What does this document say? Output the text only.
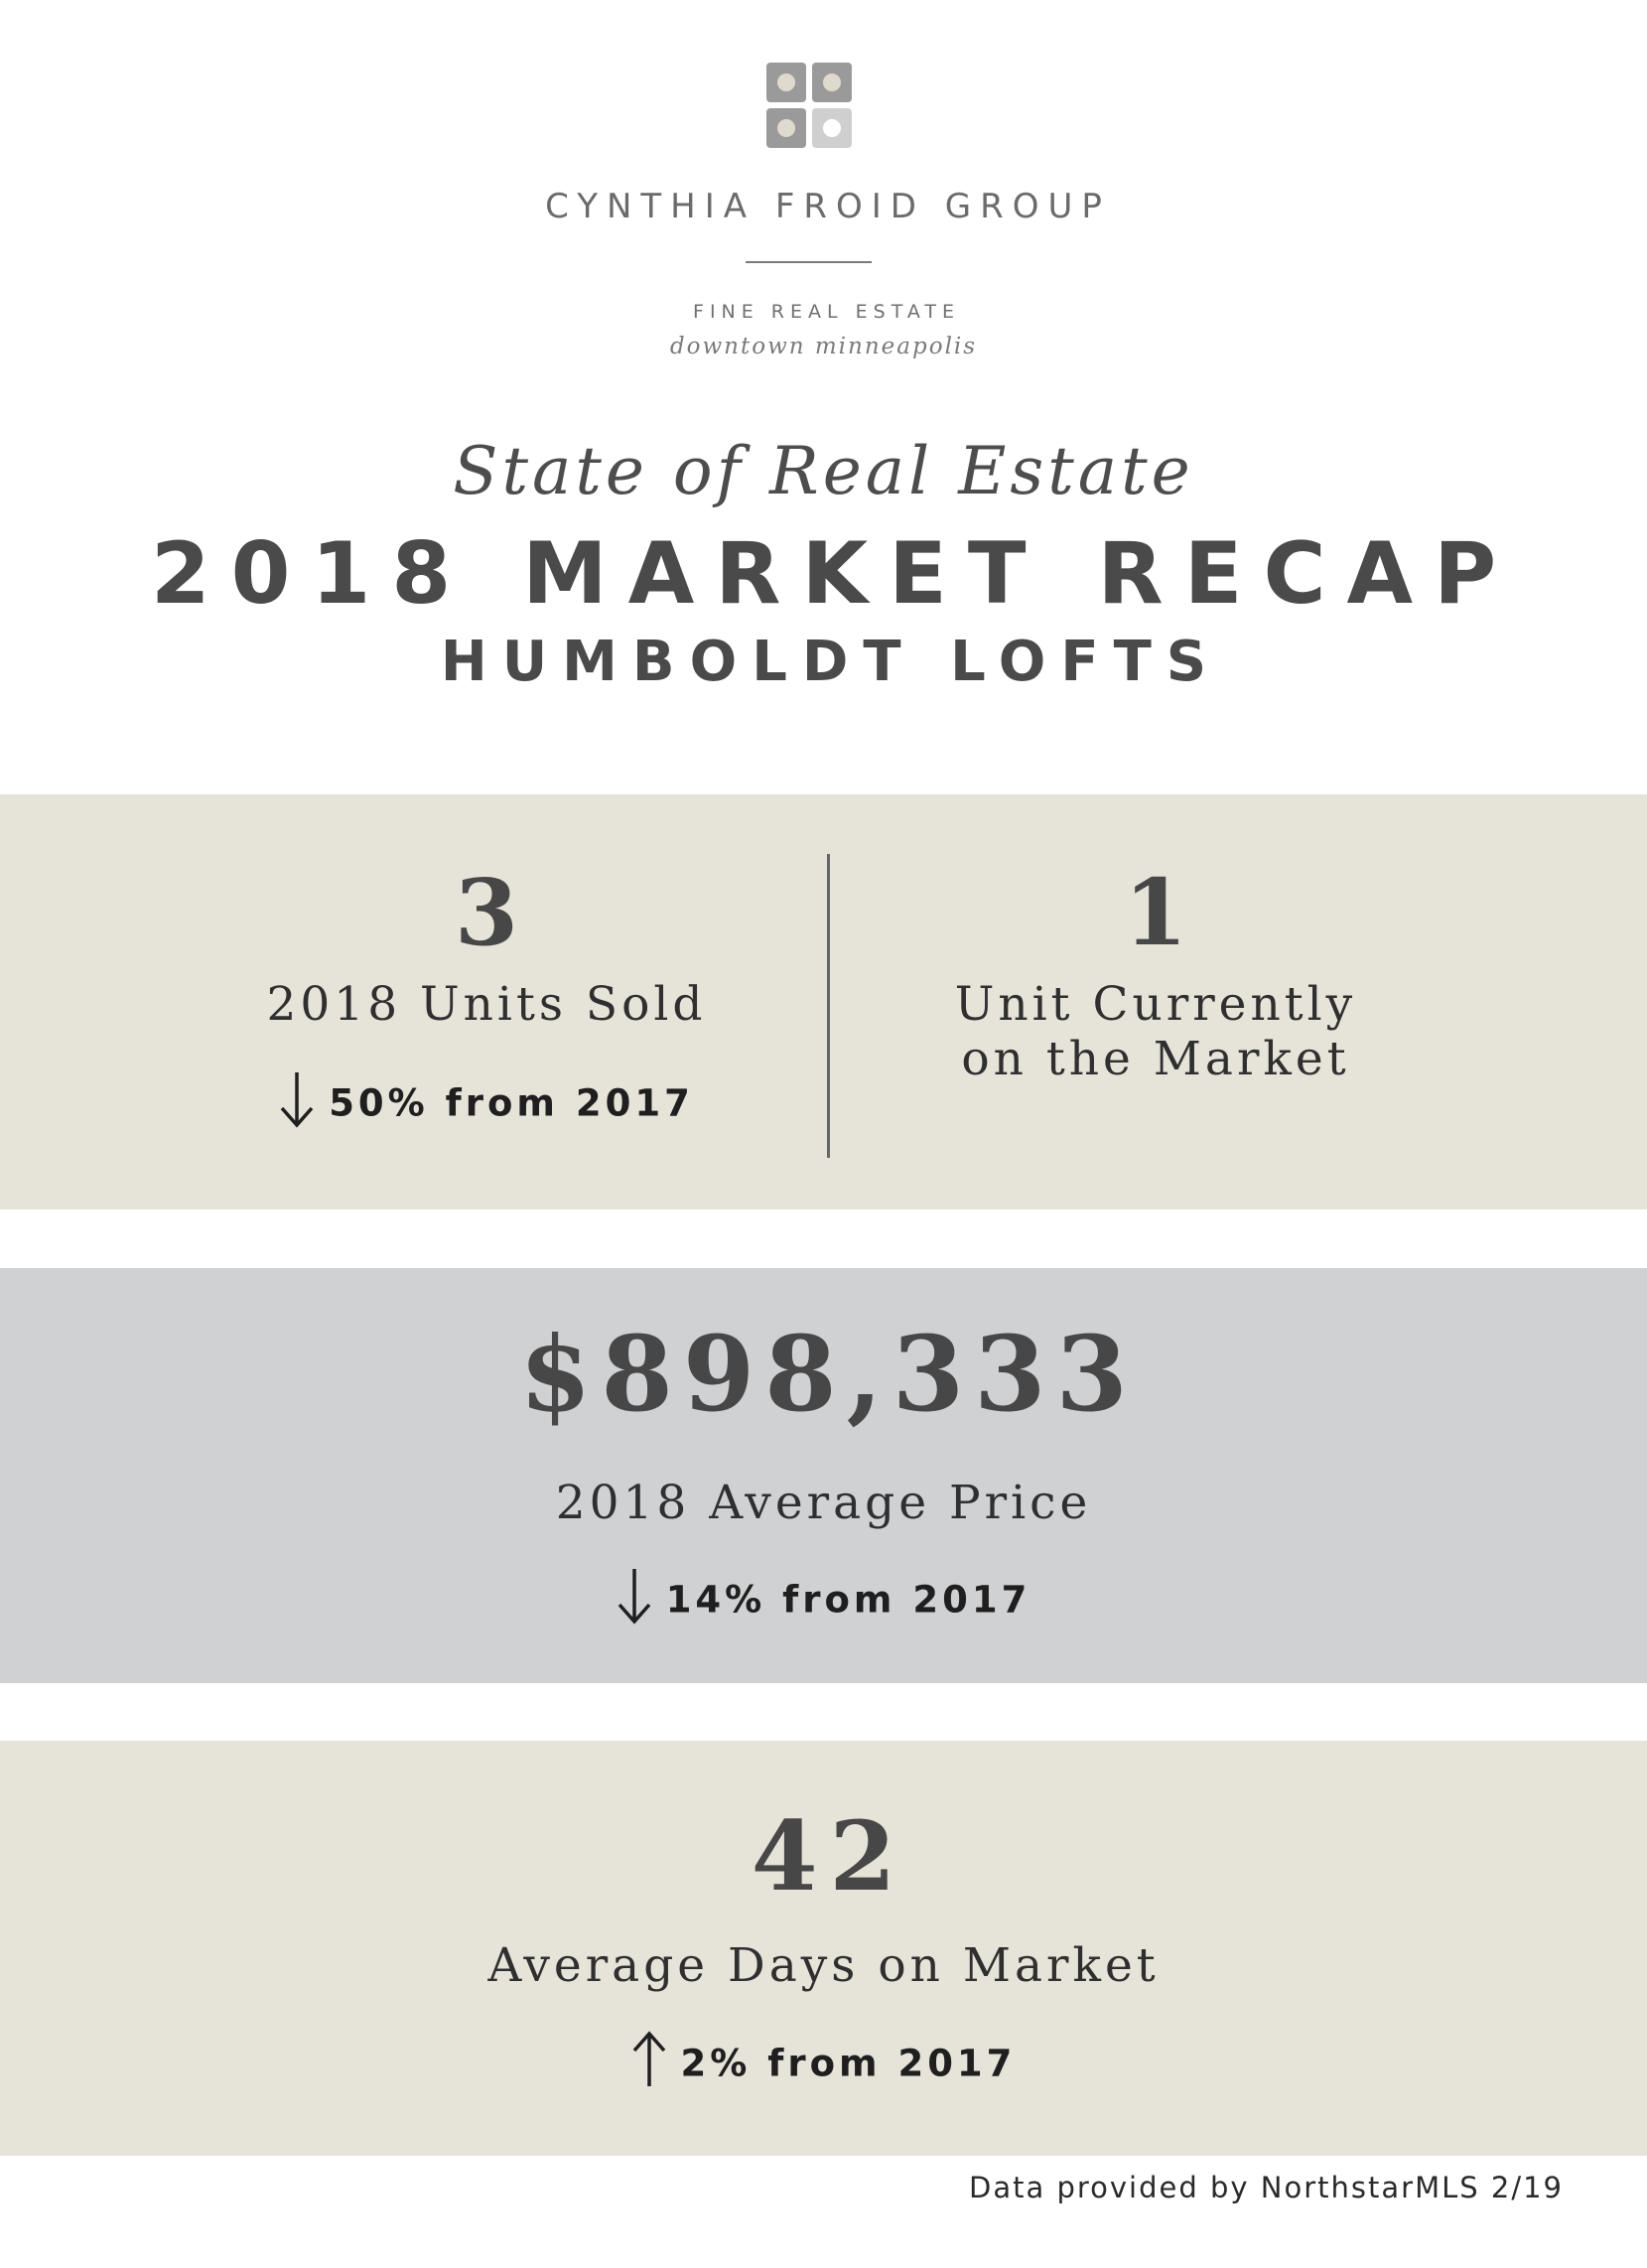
CYNTHIA FROID GROUP
FINE REAL ESTATE
downtown minneapolis
State of Real Estate
2018 MARKET RECAP
HUMBOLDT LOFTS
3
2018 Units Sold
50% from 2017
1
Unit Currently
on the Market
$898,333
2018 Average Price
14% from 2017
42
Average Days on Market
2% from 2017
Data provided by NorthstarMLS 2/19
